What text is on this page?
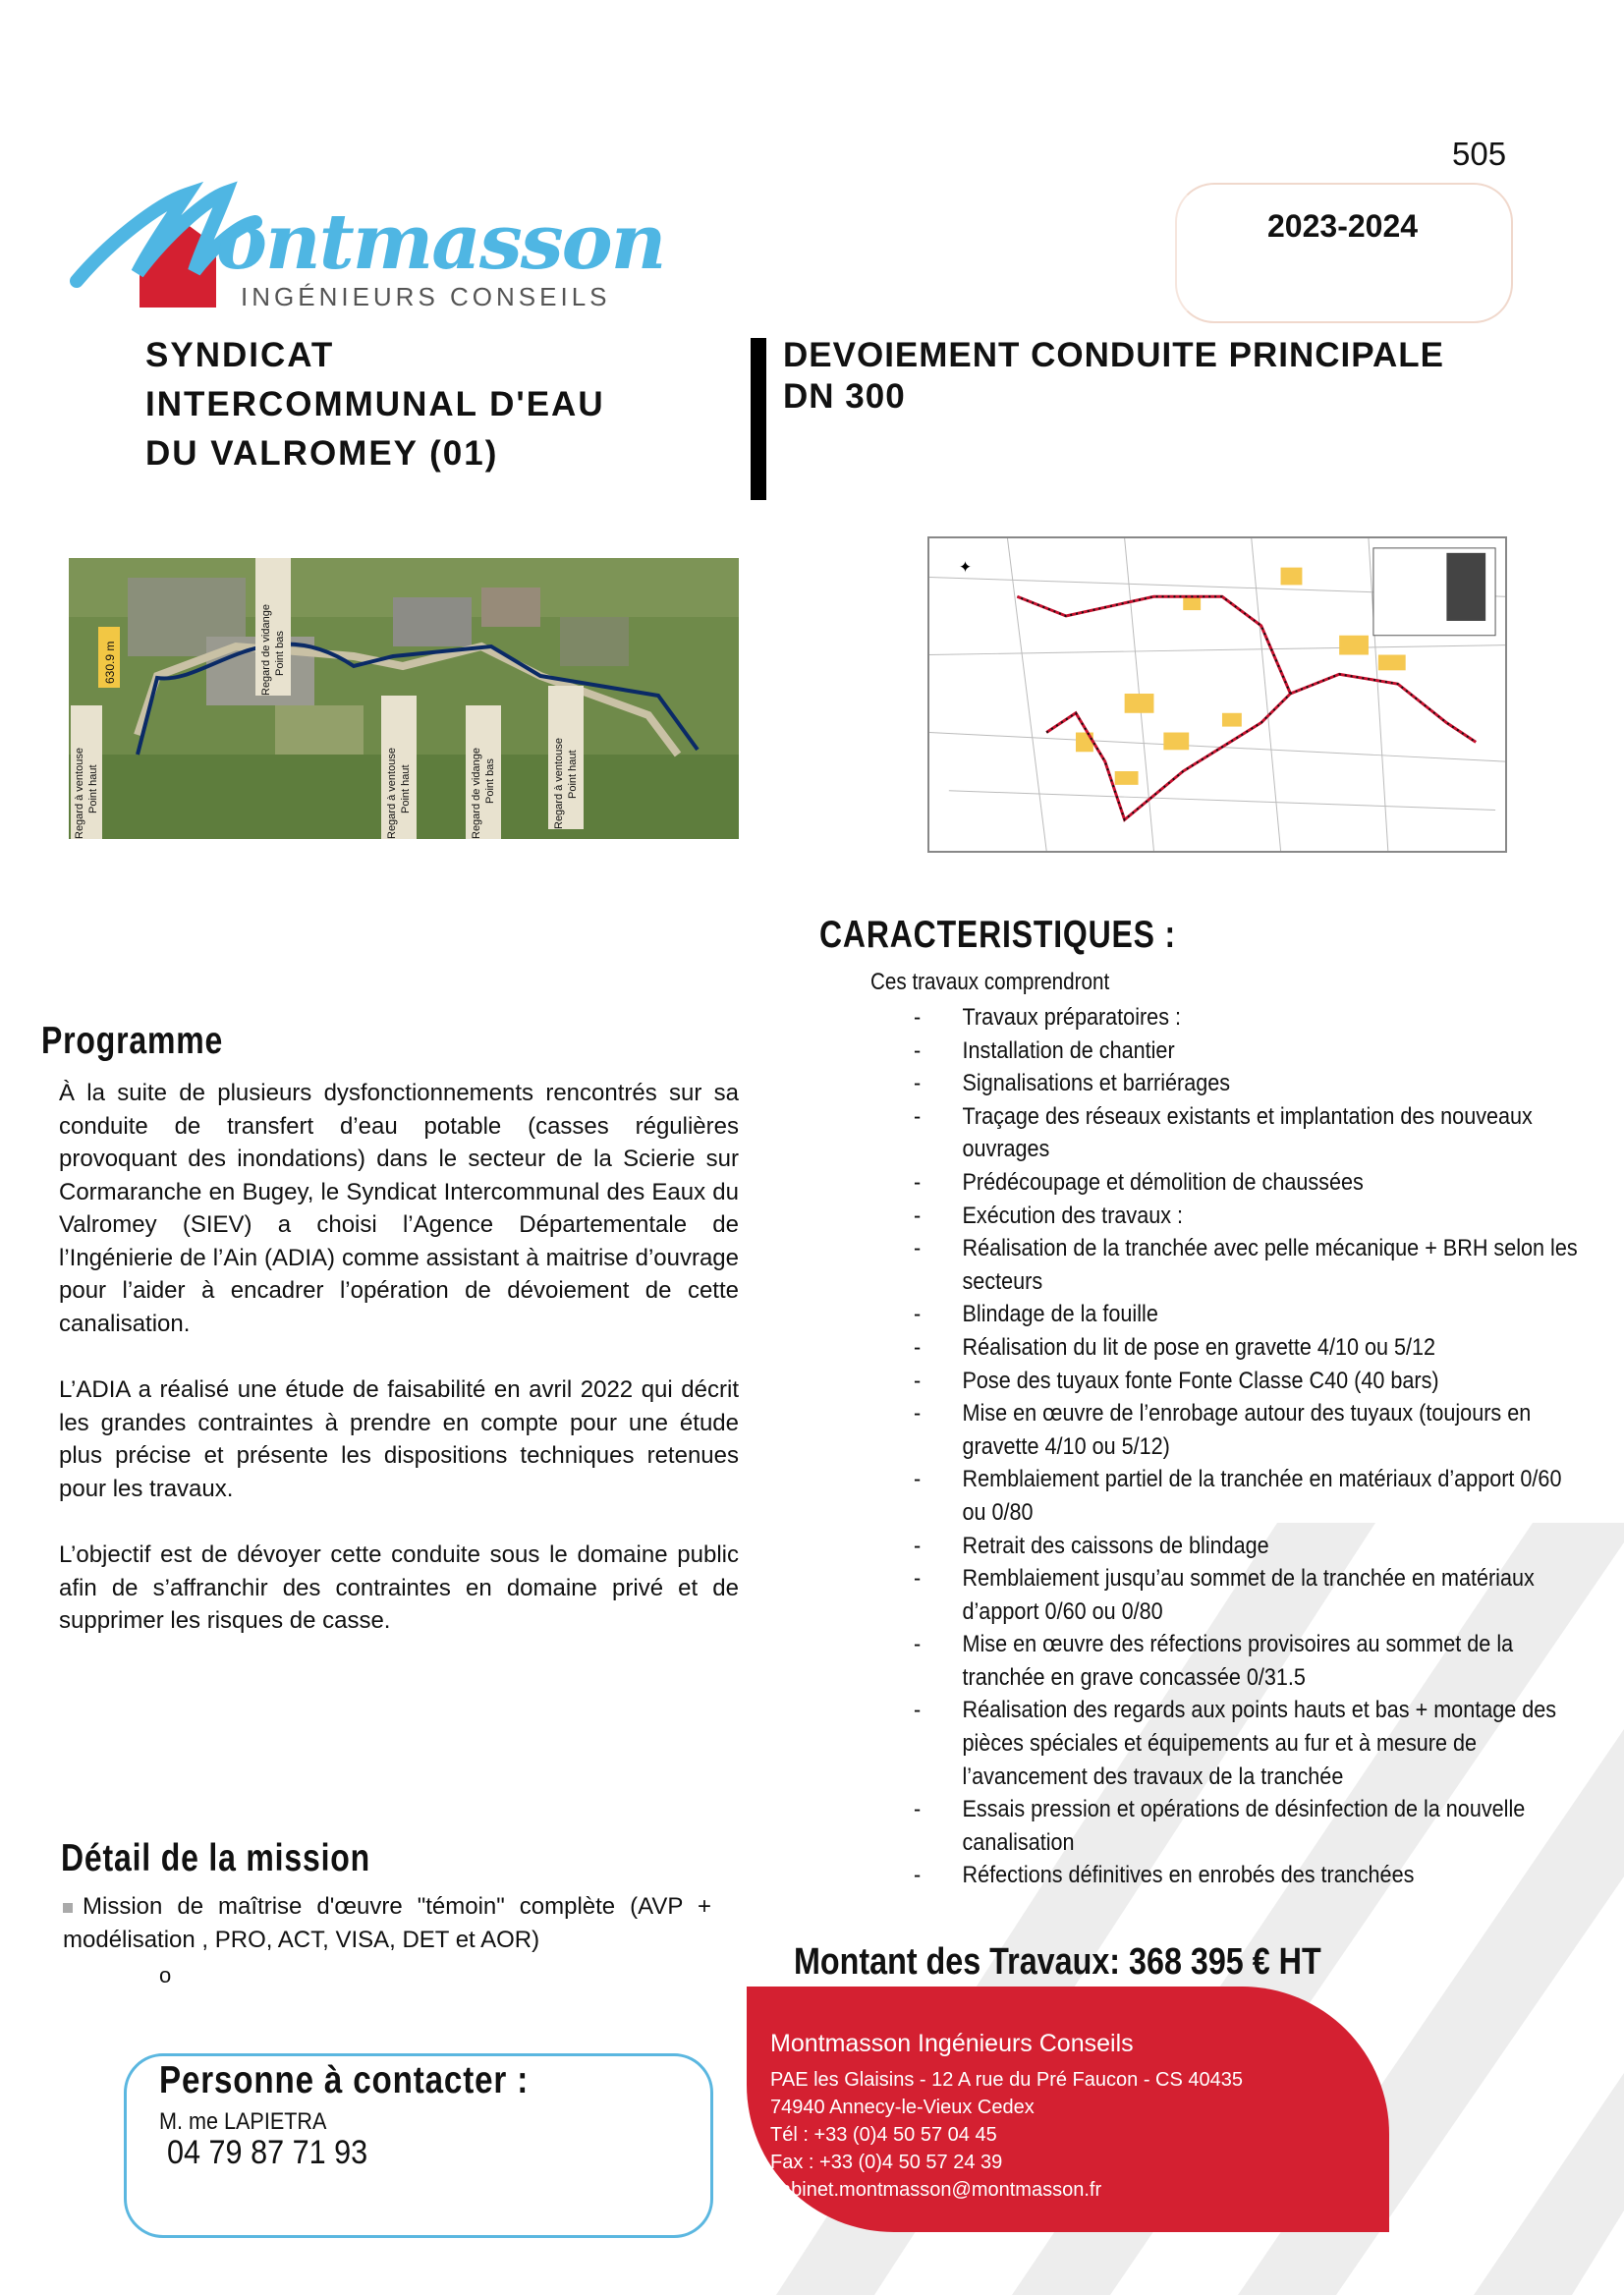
505
2023-2024
ontmasson
INGÉNIEURS CONSEILS
SYNDICAT
INTERCOMMUNAL D'EAU
DU VALROMEY (01)
DEVOIEMENT CONDUITE PRINCIPALE
DN 300
630.9 m
Regard à ventouse Point haut
Regard de vidange Point bas
Regard à ventouse Point haut	Regard de vidange Point bas	Regard à ventouse Point haut
✦
Programme

À la suite de plusieurs dysfonctionnements rencontrés sur sa conduite de transfert d’eau potable (casses régulières provoquant des inondations) dans le secteur de la Scierie sur Cormaranche en Bugey, le Syndicat Intercommunal des Eaux du Valromey (SIEV) a choisi l’Agence Départementale de l’Ingénierie de l’Ain (ADIA) comme assistant à maitrise d’ouvrage pour l’aider à encadrer l’opération de dévoiement de cette canalisation.

L’ADIA a réalisé une étude de faisabilité en avril 2022 qui décrit les grandes contraintes à prendre en compte pour une étude plus précise et présente les dispositions techniques retenues pour les travaux.

L’objectif est de dévoyer cette conduite sous le domaine public afin de s’affranchir des contraintes en domaine privé et de supprimer les risques de casse.

CARACTERISTIQUES :
Ces travaux comprendront
- Travaux préparatoires :
- Installation de chantier
- Signalisations et barriérages
- Traçage des réseaux existants et implantation des nouveaux ouvrages
- Prédécoupage et démolition de chaussées
- Exécution des travaux :
- Réalisation de la tranchée avec pelle mécanique + BRH selon les secteurs
- Blindage de la fouille
- Réalisation du lit de pose en gravette 4/10 ou 5/12
- Pose des tuyaux fonte Fonte Classe C40 (40 bars)
- Mise en œuvre de l’enrobage autour des tuyaux (toujours en gravette 4/10 ou 5/12)
- Remblaiement partiel de la tranchée en matériaux d’apport 0/60 ou 0/80
- Retrait des caissons de blindage
- Remblaiement jusqu’au sommet de la tranchée en matériaux d’apport 0/60 ou 0/80
- Mise en œuvre des réfections provisoires au sommet de la tranchée en grave concassée 0/31.5
- Réalisation des regards aux points hauts et bas + montage des pièces spéciales et équipements au fur et à mesure de l’avancement des travaux de la tranchée
- Essais pression et opérations de désinfection de la nouvelle canalisation
- Réfections définitives en enrobés des tranchées
Détail de la mission
Mission de maîtrise d'œuvre "témoin" complète (AVP + modélisation , PRO, ACT, VISA, DET et AOR)
o	Montant des Travaux: 368 395 € HT
Personne à contacter :
M. me LAPIETRA
04 79 87 71 93
Montmasson Ingénieurs Conseils
PAE les Glaisins - 12 A rue du Pré Faucon - CS 40435
74940 Annecy-le-Vieux Cedex
Tél : +33 (0)4 50 57 04 45
Fax : +33 (0)4 50 57 24 39
cabinet.montmasson@montmasson.fr
